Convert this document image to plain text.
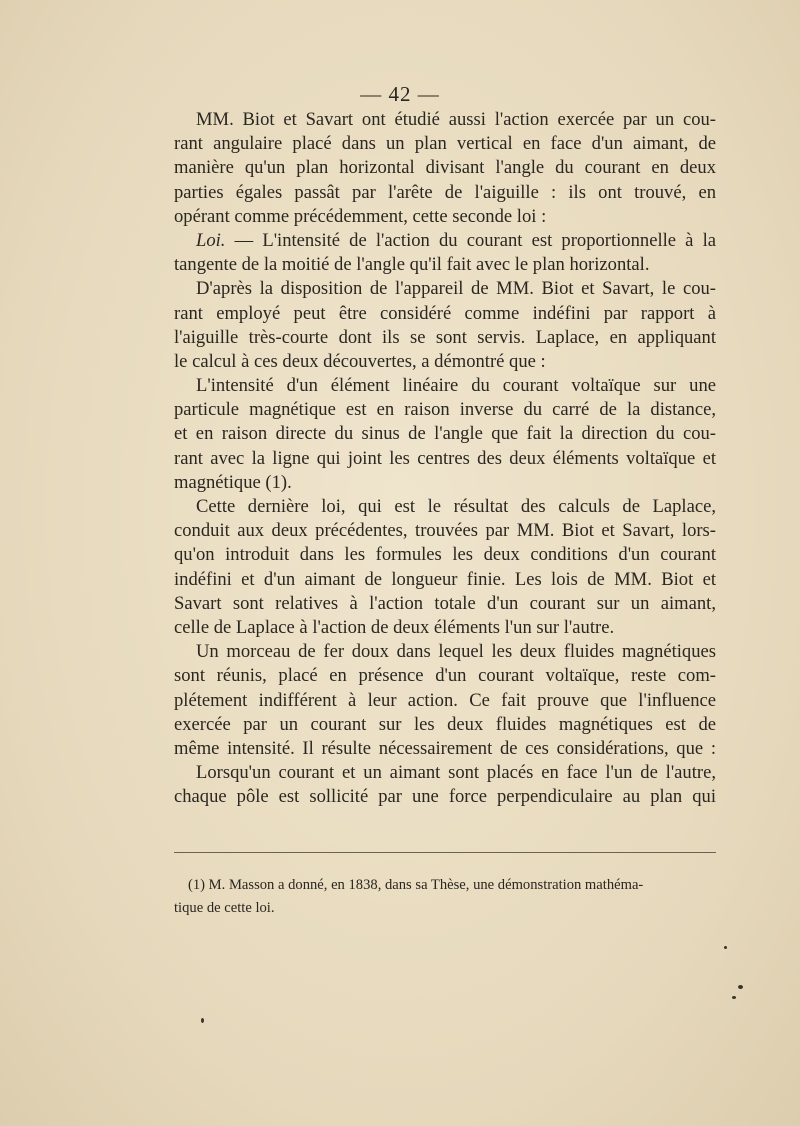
— 42 —
MM. Biot et Savart ont étudié aussi l'action exercée par un cou-
rant angulaire placé dans un plan vertical en face d'un aimant, de
manière qu'un plan horizontal divisant l'angle du courant en deux
parties égales passât par l'arête de l'aiguille : ils ont trouvé, en
opérant comme précédemment, cette seconde loi :
Loi. — L'intensité de l'action du courant est proportionnelle à la
tangente de la moitié de l'angle qu'il fait avec le plan horizontal.
D'après la disposition de l'appareil de MM. Biot et Savart, le cou-
rant employé peut être considéré comme indéfini par rapport à
l'aiguille très-courte dont ils se sont servis. Laplace, en appliquant
le calcul à ces deux découvertes, a démontré que :
L'intensité d'un élément linéaire du courant voltaïque sur une
particule magnétique est en raison inverse du carré de la distance,
et en raison directe du sinus de l'angle que fait la direction du cou-
rant avec la ligne qui joint les centres des deux éléments voltaïque et
magnétique (1).
Cette dernière loi, qui est le résultat des calculs de Laplace,
conduit aux deux précédentes, trouvées par MM. Biot et Savart, lors-
qu'on introduit dans les formules les deux conditions d'un courant
indéfini et d'un aimant de longueur finie. Les lois de MM. Biot et
Savart sont relatives à l'action totale d'un courant sur un aimant,
celle de Laplace à l'action de deux éléments l'un sur l'autre.
Un morceau de fer doux dans lequel les deux fluides magnétiques
sont réunis, placé en présence d'un courant voltaïque, reste com-
plétement indifférent à leur action. Ce fait prouve que l'influence
exercée par un courant sur les deux fluides magnétiques est de
même intensité. Il résulte nécessairement de ces considérations, que :
Lorsqu'un courant et un aimant sont placés en face l'un de l'autre,
chaque pôle est sollicité par une force perpendiculaire au plan qui
(1) M. Masson a donné, en 1838, dans sa Thèse, une démonstration mathéma-
tique de cette loi.
